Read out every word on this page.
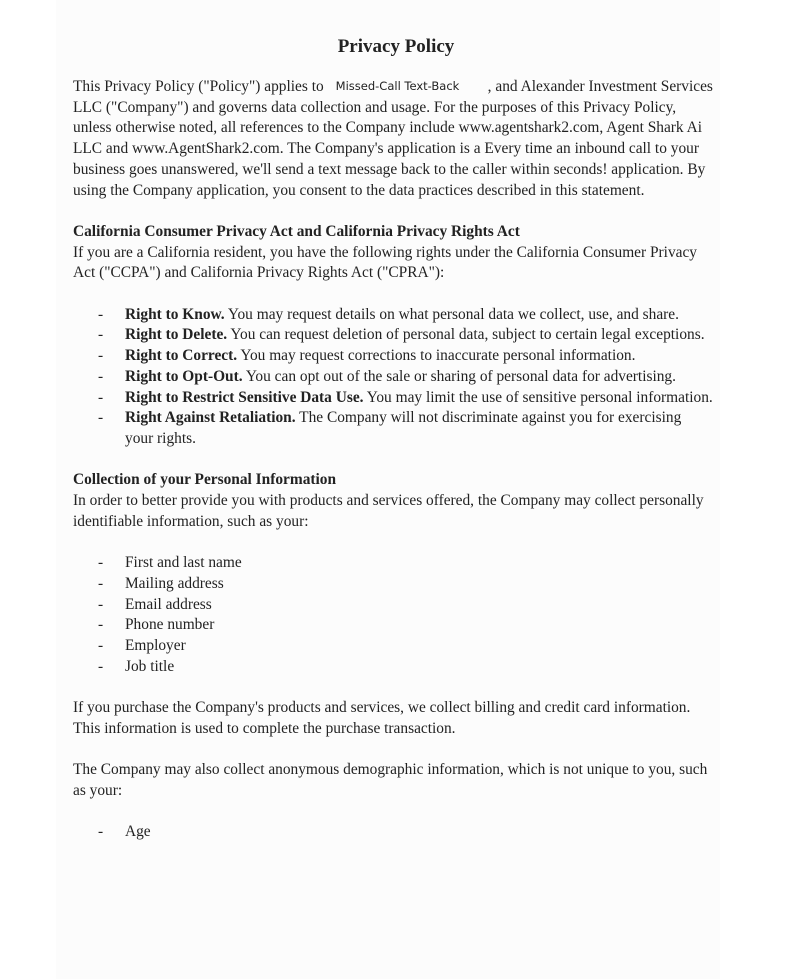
Privacy Policy

This Privacy Policy ("Policy") applies to Missed-Call Text-Back , and Alexander Investment Services LLC ("Company") and governs data collection and usage. For the purposes of this Privacy Policy, unless otherwise noted, all references to the Company include www.agentshark2.com, Agent Shark Ai LLC and www.AgentShark2.com. The Company's application is a Every time an inbound call to your business goes unanswered, we'll send a text message back to the caller within seconds! application. By using the Company application, you consent to the data practices described in this statement.

California Consumer Privacy Act and California Privacy Rights Act

If you are a California resident, you have the following rights under the California Consumer Privacy Act ("CCPA") and California Privacy Rights Act ("CPRA"):

- Right to Know. You may request details on what personal data we collect, use, and share.
- Right to Delete. You can request deletion of personal data, subject to certain legal exceptions.
- Right to Correct. You may request corrections to inaccurate personal information.
- Right to Opt-Out. You can opt out of the sale or sharing of personal data for advertising.
- Right to Restrict Sensitive Data Use. You may limit the use of sensitive personal information.
- Right Against Retaliation. The Company will not discriminate against you for exercising your rights.

Collection of your Personal Information

In order to better provide you with products and services offered, the Company may collect personally identifiable information, such as your:

- First and last name
- Mailing address
- Email address
- Phone number
- Employer
- Job title

If you purchase the Company's products and services, we collect billing and credit card information. This information is used to complete the purchase transaction.

The Company may also collect anonymous demographic information, which is not unique to you, such as your:

- Age
